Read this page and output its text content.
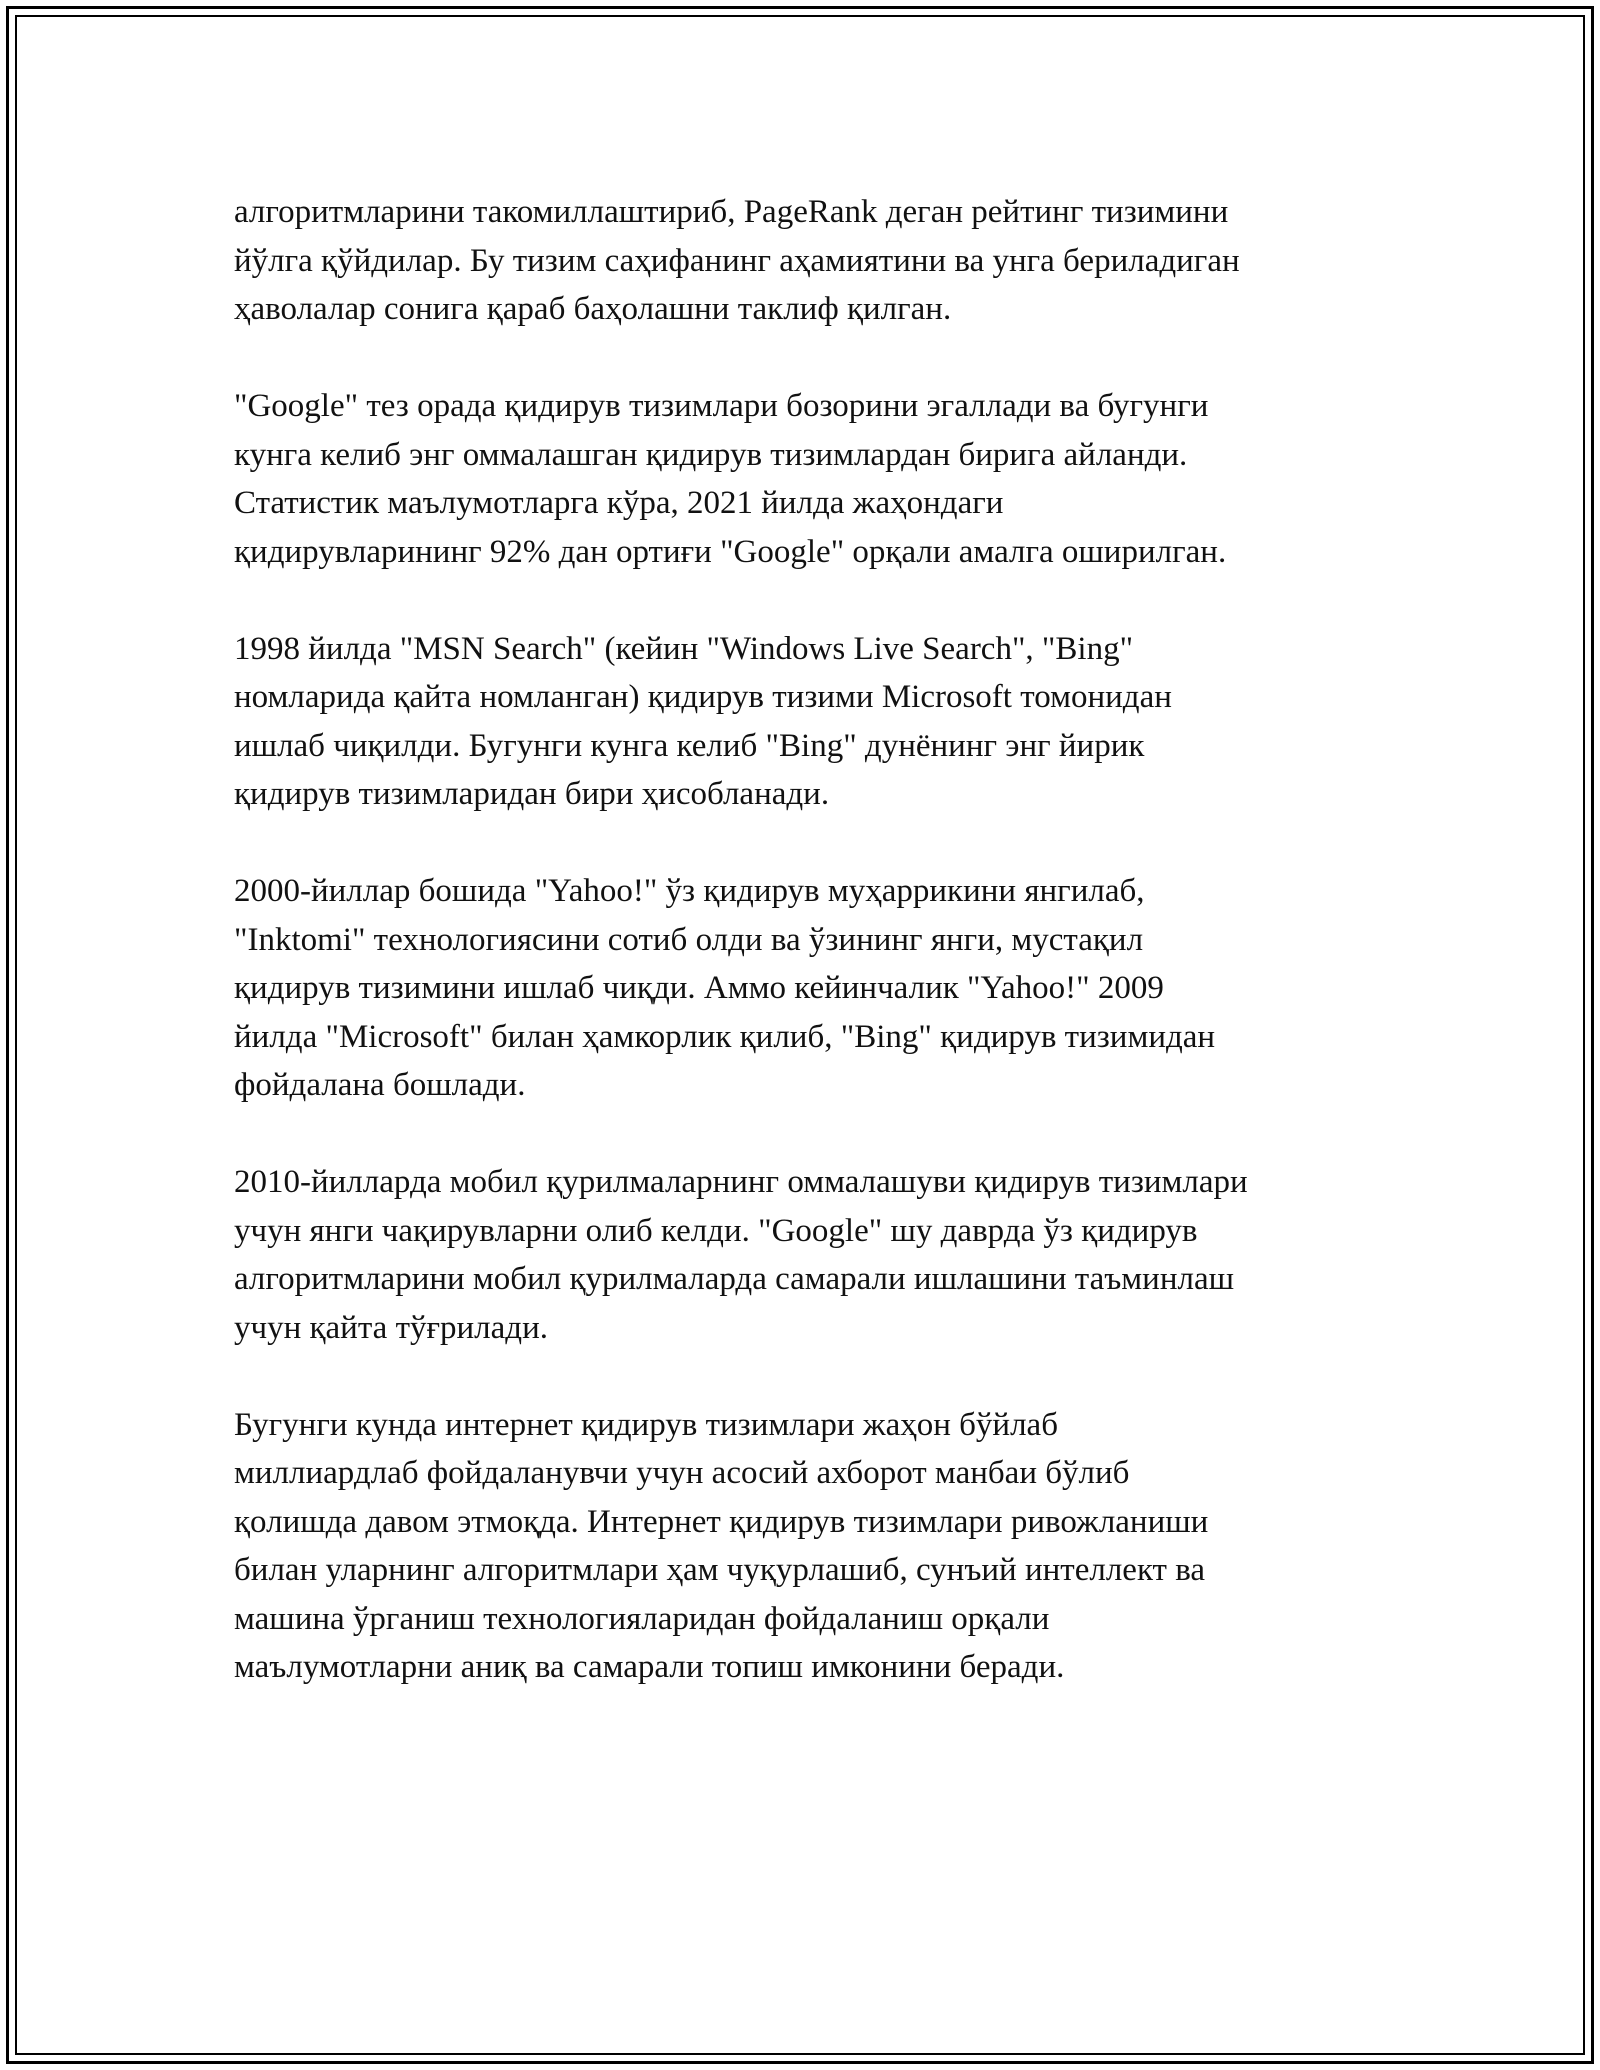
алгоритмларини такомиллаштириб, PageRank деган рейтинг тизимини
йўлга қўйдилар. Бу тизим саҳифанинг аҳамиятини ва унга бериладиган
ҳаволалар сонига қараб баҳолашни таклиф қилган.

"Google" тез орада қидирув тизимлари бозорини эгаллади ва бугунги
кунга келиб энг оммалашган қидирув тизимлардан бирига айланди.
Статистик маълумотларга кўра, 2021 йилда жаҳондаги
қидирувларининг 92% дан ортиғи "Google" орқали амалга оширилган.

1998 йилда "MSN Search" (кейин "Windows Live Search", "Bing"
номларида қайта номланган) қидирув тизими Microsoft томонидан
ишлаб чиқилди. Бугунги кунга келиб "Bing" дунёнинг энг йирик
қидирув тизимларидан бири ҳисобланади.

2000-йиллар бошида "Yahoo!" ўз қидирув муҳаррикини янгилаб,
"Inktomi" технологиясини сотиб олди ва ўзининг янги, мустақил
қидирув тизимини ишлаб чиқди. Аммо кейинчалик "Yahoo!" 2009
йилда "Microsoft" билан ҳамкорлик қилиб, "Bing" қидирув тизимидан
фойдалана бошлади.

2010-йилларда мобил қурилмаларнинг оммалашуви қидирув тизимлари
учун янги чақирувларни олиб келди. "Google" шу даврда ўз қидирув
алгоритмларини мобил қурилмаларда самарали ишлашини таъминлаш
учун қайта тўғрилади.

Бугунги кунда интернет қидирув тизимлари жаҳон бўйлаб
миллиардлаб фойдаланувчи учун асосий ахборот манбаи бўлиб
қолишда давом этмоқда. Интернет қидирув тизимлари ривожланиши
билан уларнинг алгоритмлари ҳам чуқурлашиб, сунъий интеллект ва
машина ўрганиш технологияларидан фойдаланиш орқали
маълумотларни аниқ ва самарали топиш имконини беради.
